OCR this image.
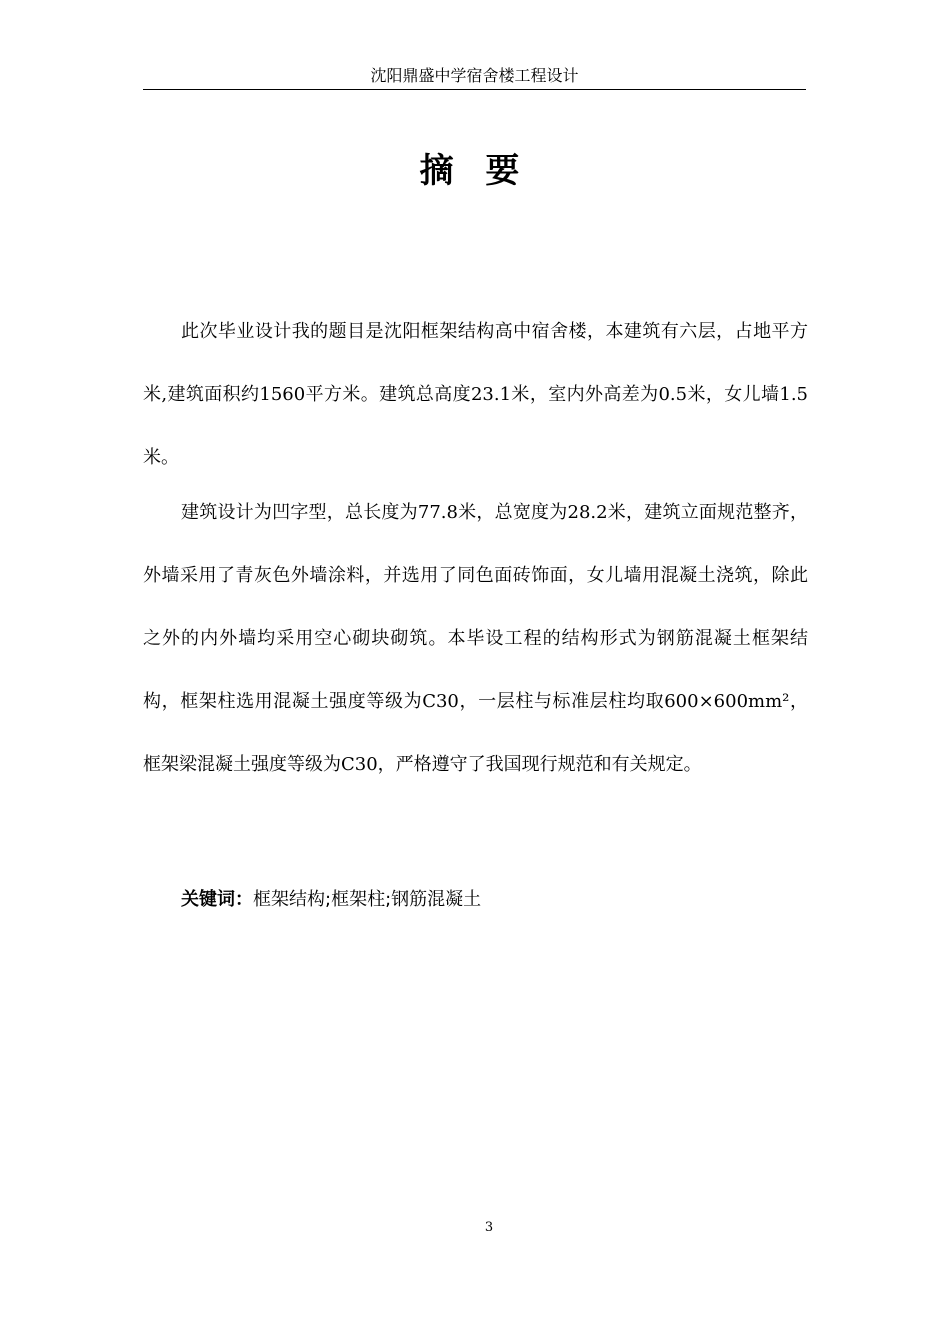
沈阳鼎盛中学宿舍楼工程设计
摘 要

此次毕业设计我的题目是沈阳框架结构高中宿舍楼，本建筑有六层，占地平方米,建筑面积约1560平方米。建筑总高度23.1米，室内外高差为0.5米，女儿墙1.5米。

建筑设计为凹字型，总长度为77.8米，总宽度为28.2米，建筑立面规范整齐，外墙采用了青灰色外墙涂料，并选用了同色面砖饰面，女儿墙用混凝土浇筑，除此之外的内外墙均采用空心砌块砌筑。本毕设工程的结构形式为钢筋混凝土框架结构，框架柱选用混凝土强度等级为C30，一层柱与标准层柱均取600×600mm²，框架梁混凝土强度等级为C30，严格遵守了我国现行规范和有关规定。

关键词：框架结构;框架柱;钢筋混凝土
3
